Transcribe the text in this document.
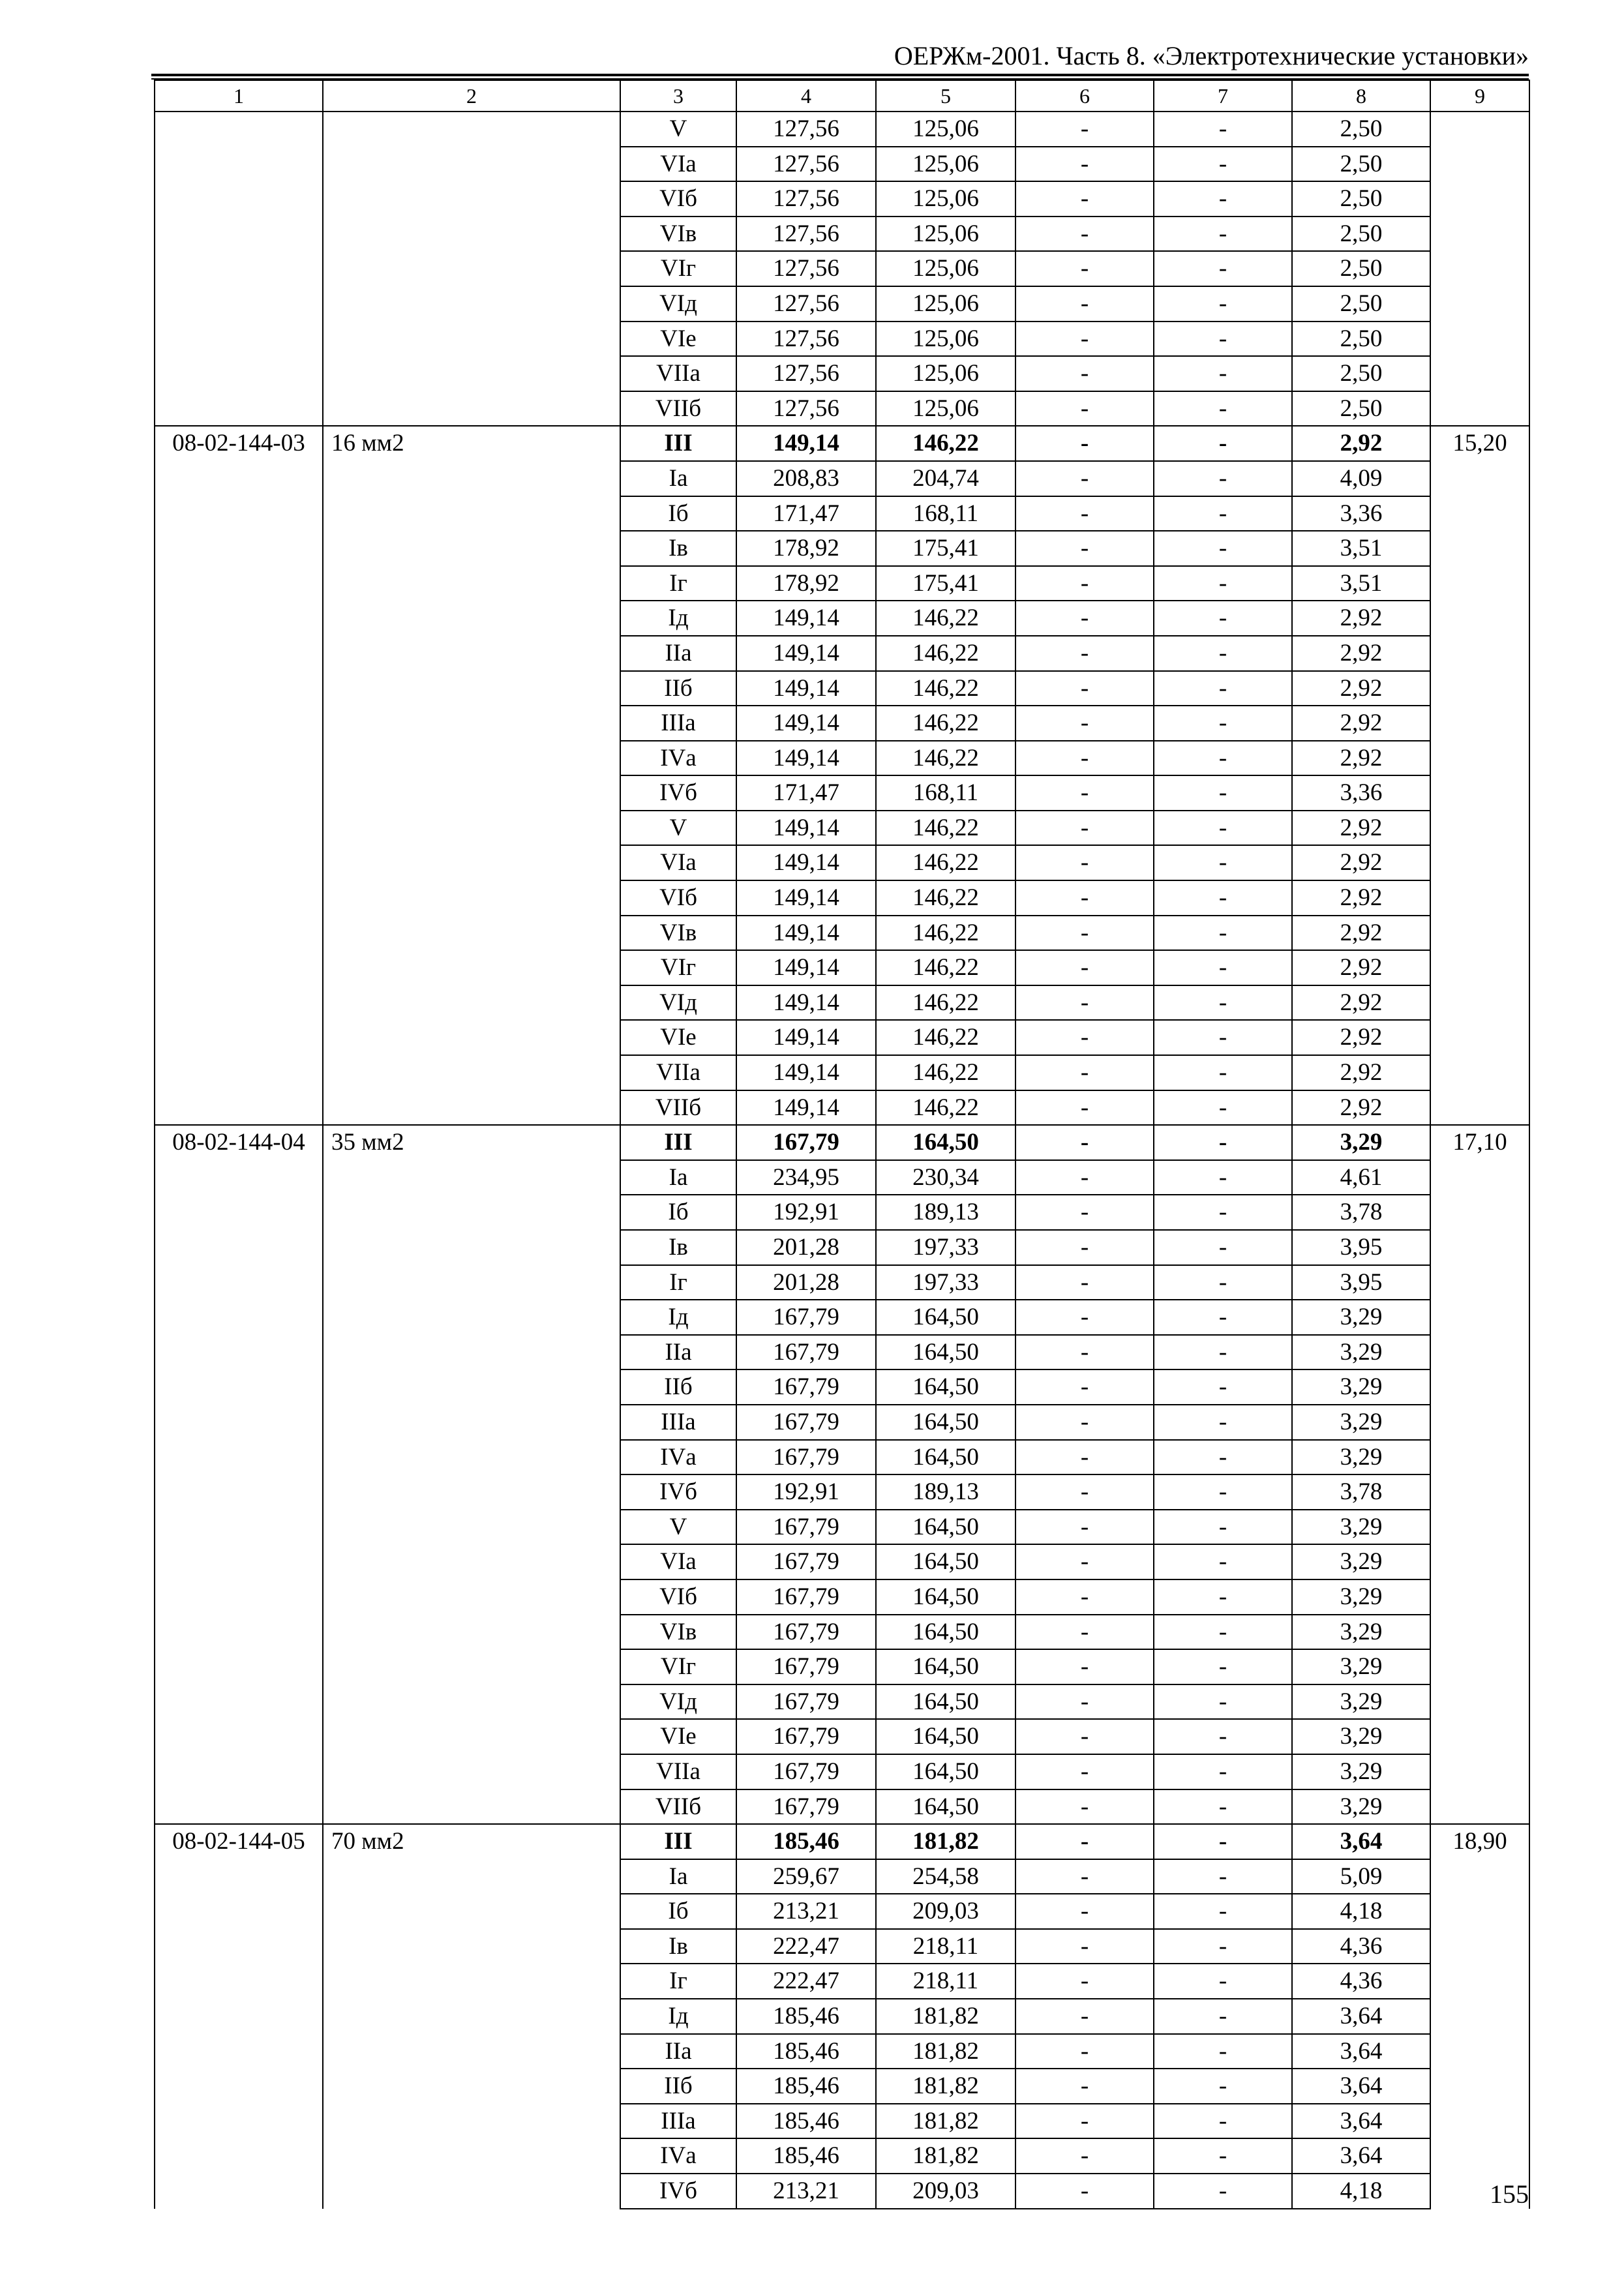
ОЕРЖм-2001. Часть 8. «Электротехнические установки»
1	2	3	4	5	6	7	8	9
		V	127,56	125,06	-	-	2,50	
		VIа	127,56	125,06	-	-	2,50	
		VIб	127,56	125,06	-	-	2,50	
		VIв	127,56	125,06	-	-	2,50	
		VIг	127,56	125,06	-	-	2,50	
		VIд	127,56	125,06	-	-	2,50	
		VIе	127,56	125,06	-	-	2,50	
		VIIа	127,56	125,06	-	-	2,50	
		VIIб	127,56	125,06	-	-	2,50	
08-02-144-03	16 мм2	III	149,14	146,22	-	-	2,92	15,20
		Iа	208,83	204,74	-	-	4,09	
		Iб	171,47	168,11	-	-	3,36	
		Iв	178,92	175,41	-	-	3,51	
		Iг	178,92	175,41	-	-	3,51	
		Iд	149,14	146,22	-	-	2,92	
		IIа	149,14	146,22	-	-	2,92	
		IIб	149,14	146,22	-	-	2,92	
		IIIа	149,14	146,22	-	-	2,92	
		IVа	149,14	146,22	-	-	2,92	
		IVб	171,47	168,11	-	-	3,36	
		V	149,14	146,22	-	-	2,92	
		VIа	149,14	146,22	-	-	2,92	
		VIб	149,14	146,22	-	-	2,92	
		VIв	149,14	146,22	-	-	2,92	
		VIг	149,14	146,22	-	-	2,92	
		VIд	149,14	146,22	-	-	2,92	
		VIе	149,14	146,22	-	-	2,92	
		VIIа	149,14	146,22	-	-	2,92	
		VIIб	149,14	146,22	-	-	2,92	
08-02-144-04	35 мм2	III	167,79	164,50	-	-	3,29	17,10
		Iа	234,95	230,34	-	-	4,61	
		Iб	192,91	189,13	-	-	3,78	
		Iв	201,28	197,33	-	-	3,95	
		Iг	201,28	197,33	-	-	3,95	
		Iд	167,79	164,50	-	-	3,29	
		IIа	167,79	164,50	-	-	3,29	
		IIб	167,79	164,50	-	-	3,29	
		IIIа	167,79	164,50	-	-	3,29	
		IVа	167,79	164,50	-	-	3,29	
		IVб	192,91	189,13	-	-	3,78	
		V	167,79	164,50	-	-	3,29	
		VIа	167,79	164,50	-	-	3,29	
		VIб	167,79	164,50	-	-	3,29	
		VIв	167,79	164,50	-	-	3,29	
		VIг	167,79	164,50	-	-	3,29	
		VIд	167,79	164,50	-	-	3,29	
		VIе	167,79	164,50	-	-	3,29	
		VIIа	167,79	164,50	-	-	3,29	
		VIIб	167,79	164,50	-	-	3,29	
08-02-144-05	70 мм2	III	185,46	181,82	-	-	3,64	18,90
		Iа	259,67	254,58	-	-	5,09	
		Iб	213,21	209,03	-	-	4,18	
		Iв	222,47	218,11	-	-	4,36	
		Iг	222,47	218,11	-	-	4,36	
		Iд	185,46	181,82	-	-	3,64	
		IIа	185,46	181,82	-	-	3,64	
		IIб	185,46	181,82	-	-	3,64	
		IIIа	185,46	181,82	-	-	3,64	
		IVа	185,46	181,82	-	-	3,64	
		IVб	213,21	209,03	-	-	4,18		155
